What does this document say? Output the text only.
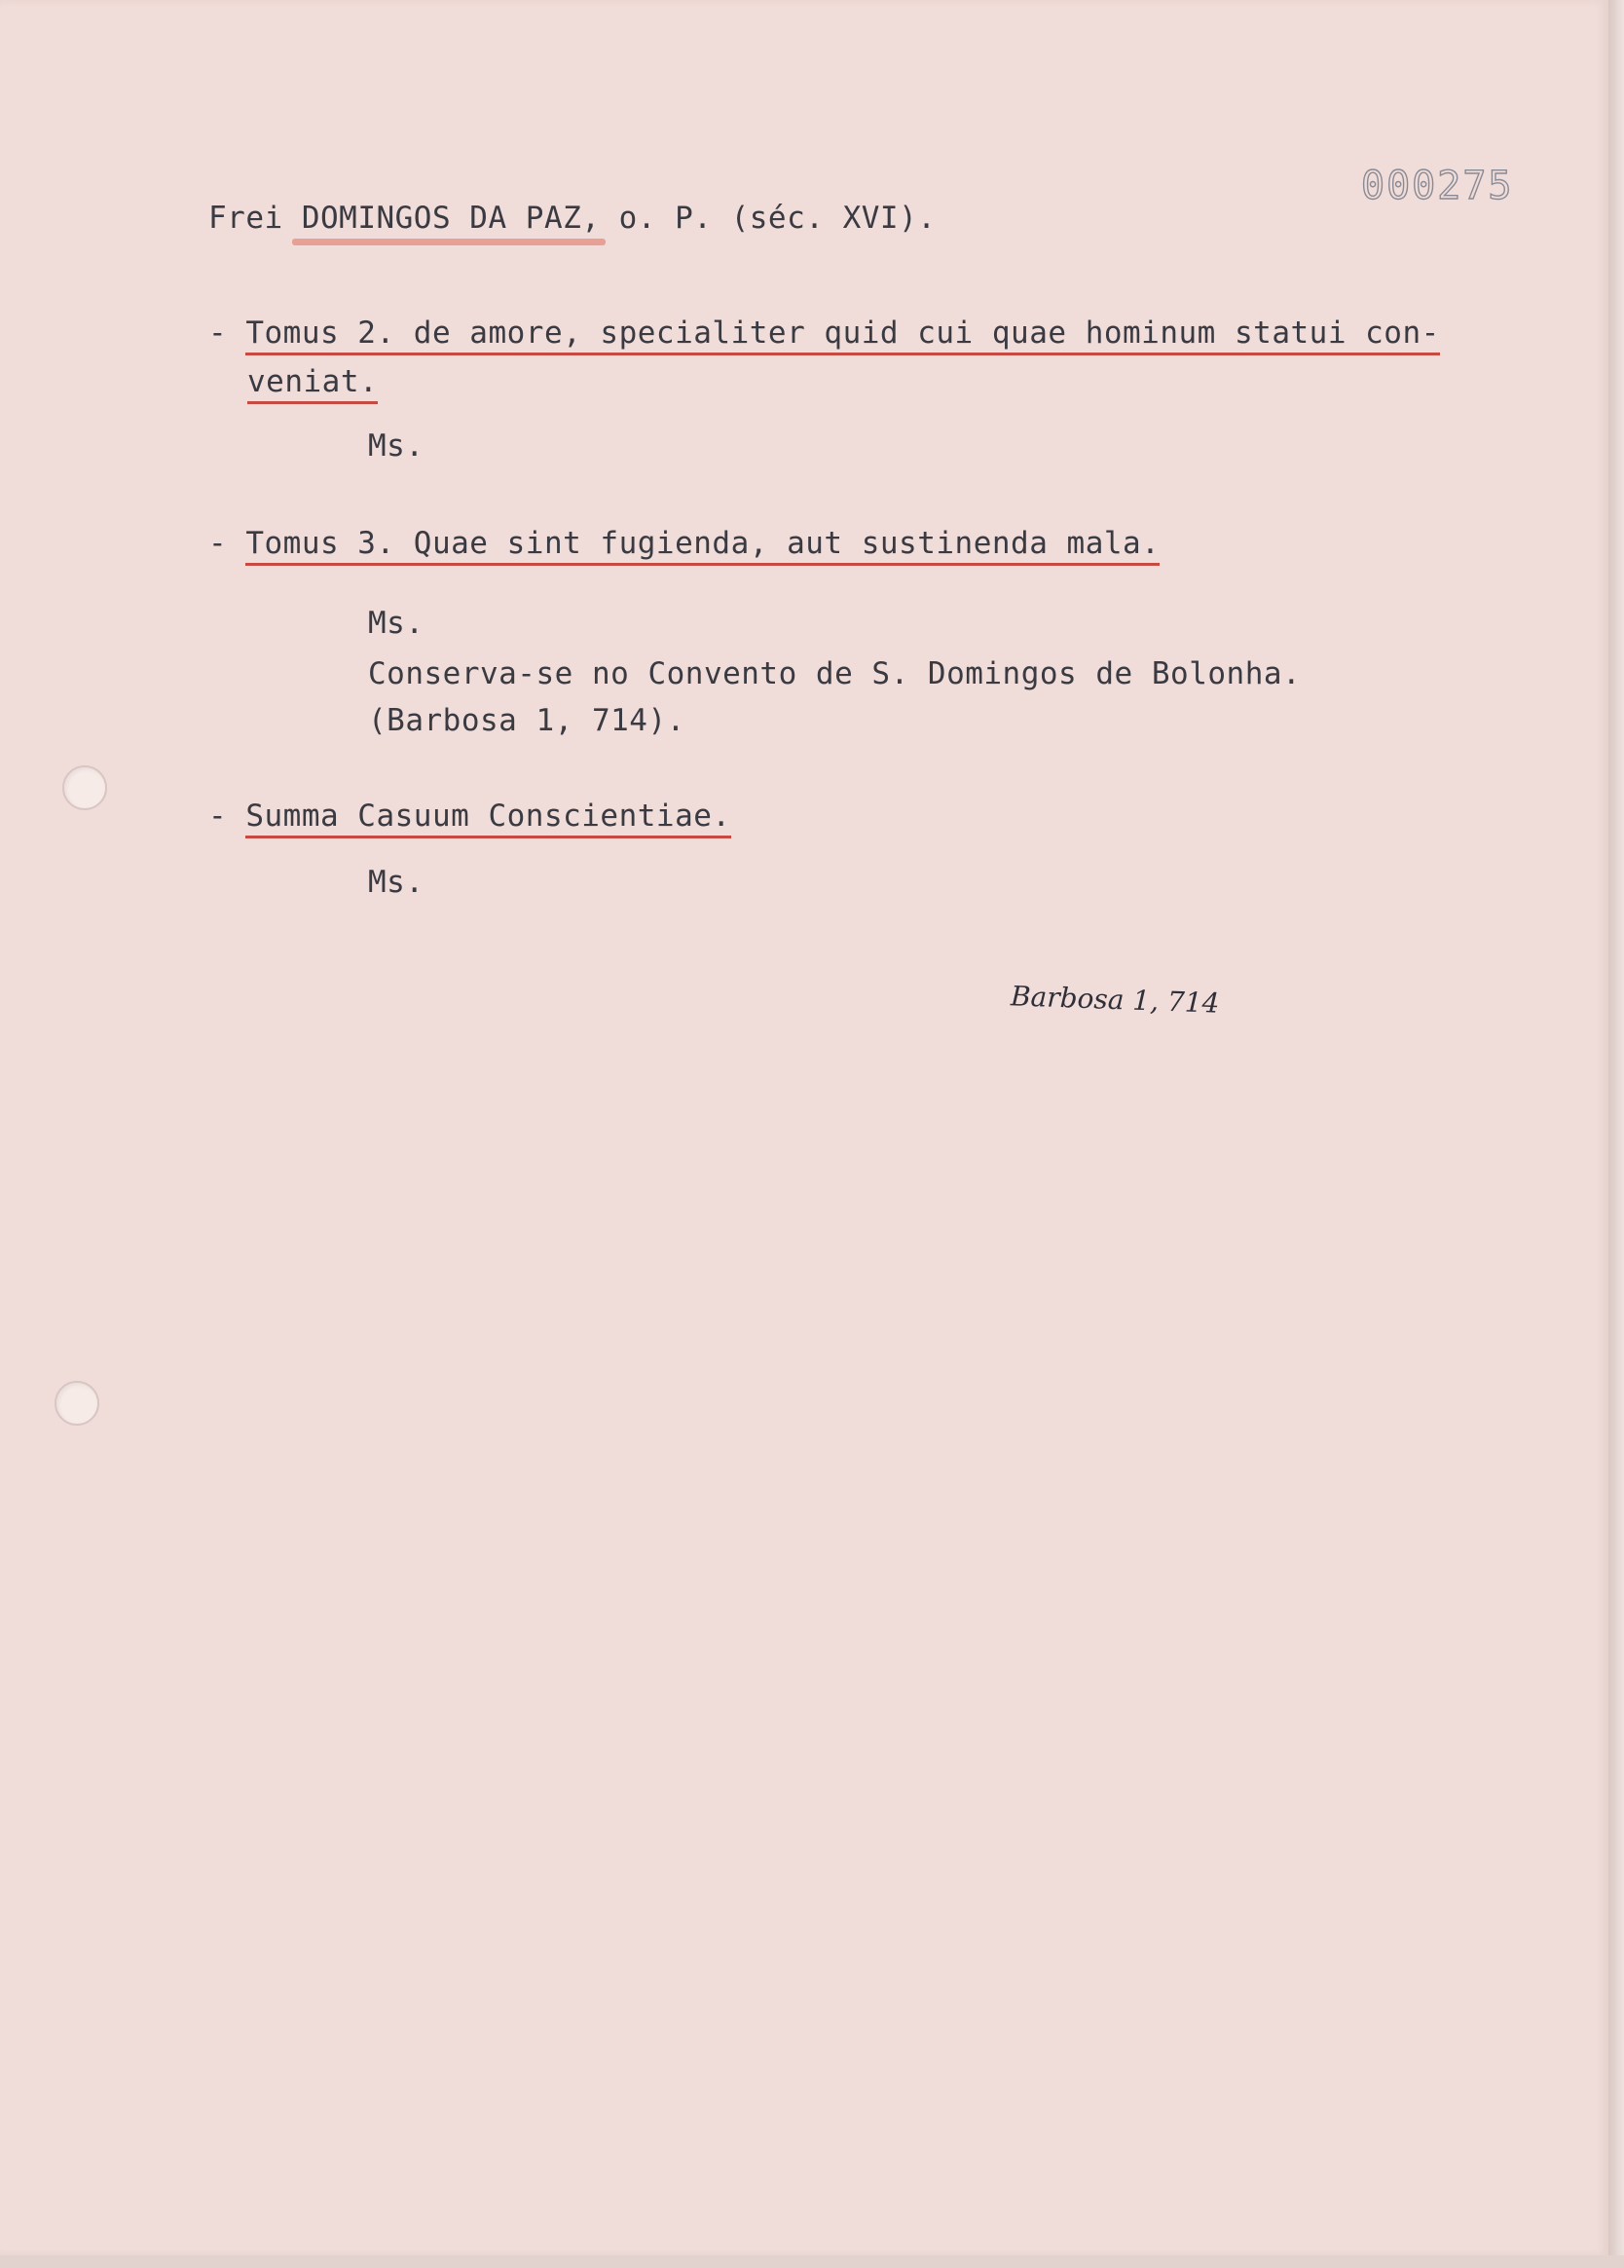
000275
Frei DOMINGOS DA PAZ, o. P. (séc. XVI).
- Tomus 2. de amore, specialiter quid cui quae hominum statui con-
veniat.
Ms.
- Tomus 3. Quae sint fugienda, aut sustinenda mala.
Ms.
Conserva-se no Convento de S. Domingos de Bolonha.
(Barbosa 1, 714).
- Summa Casuum Conscientiae.
Ms.
Barbosa 1, 714
